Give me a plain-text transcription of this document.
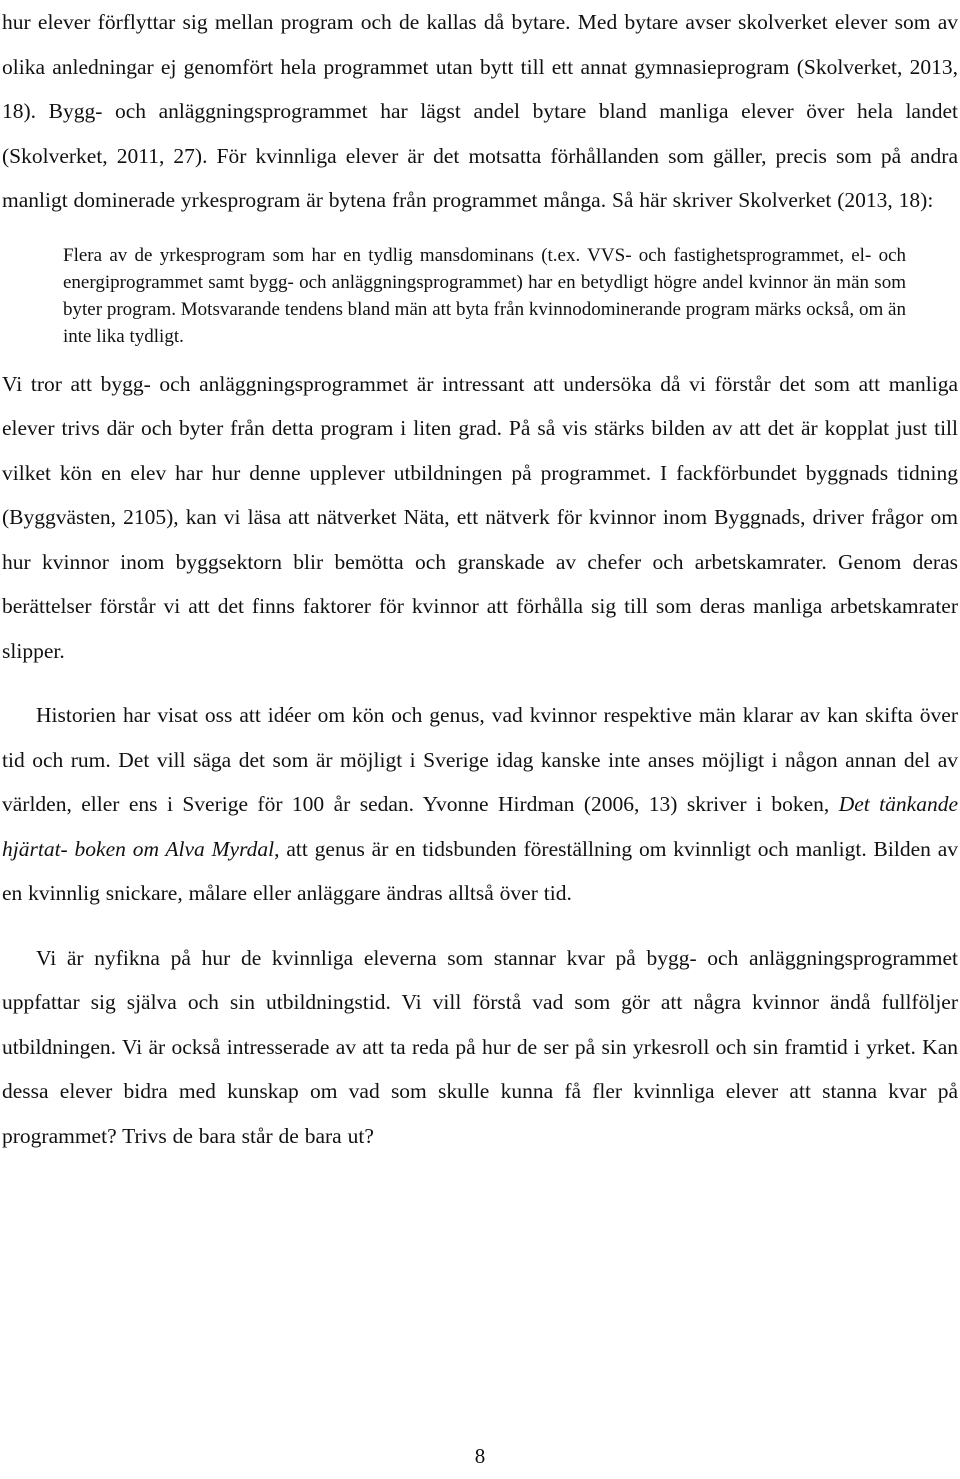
hur elever förflyttar sig mellan program och de kallas då bytare. Med bytare avser skolverket elever som av olika anledningar ej genomfört hela programmet utan bytt till ett annat gymnasieprogram (Skolverket, 2013, 18). Bygg- och anläggningsprogrammet har lägst andel bytare bland manliga elever över hela landet (Skolverket, 2011, 27). För kvinnliga elever är det motsatta förhållanden som gäller, precis som på andra manligt dominerade yrkesprogram är bytena från programmet många. Så här skriver Skolverket (2013, 18):

Flera av de yrkesprogram som har en tydlig mansdominans (t.ex. VVS- och fastighetsprogrammet, el- och energiprogrammet samt bygg- och anläggningsprogrammet) har en betydligt högre andel kvinnor än män som byter program. Motsvarande tendens bland män att byta från kvinnodominerande program märks också, om än inte lika tydligt.

Vi tror att bygg- och anläggningsprogrammet är intressant att undersöka då vi förstår det som att manliga elever trivs där och byter från detta program i liten grad. På så vis stärks bilden av att det är kopplat just till vilket kön en elev har hur denne upplever utbildningen på programmet. I fackförbundet byggnads tidning (Byggvästen, 2105), kan vi läsa att nätverket Näta, ett nätverk för kvinnor inom Byggnads, driver frågor om hur kvinnor inom byggsektorn blir bemötta och granskade av chefer och arbetskamrater. Genom deras berättelser förstår vi att det finns faktorer för kvinnor att förhålla sig till som deras manliga arbetskamrater slipper.

Historien har visat oss att idéer om kön och genus, vad kvinnor respektive män klarar av kan skifta över tid och rum. Det vill säga det som är möjligt i Sverige idag kanske inte anses möjligt i någon annan del av världen, eller ens i Sverige för 100 år sedan. Yvonne Hirdman (2006, 13) skriver i boken, Det tänkande hjärtat- boken om Alva Myrdal, att genus är en tidsbunden föreställning om kvinnligt och manligt. Bilden av en kvinnlig snickare, målare eller anläggare ändras alltså över tid.

Vi är nyfikna på hur de kvinnliga eleverna som stannar kvar på bygg- och anläggningsprogrammet uppfattar sig själva och sin utbildningstid. Vi vill förstå vad som gör att några kvinnor ändå fullföljer utbildningen. Vi är också intresserade av att ta reda på hur de ser på sin yrkesroll och sin framtid i yrket. Kan dessa elever bidra med kunskap om vad som skulle kunna få fler kvinnliga elever att stanna kvar på programmet? Trivs de bara står de bara ut?

8
